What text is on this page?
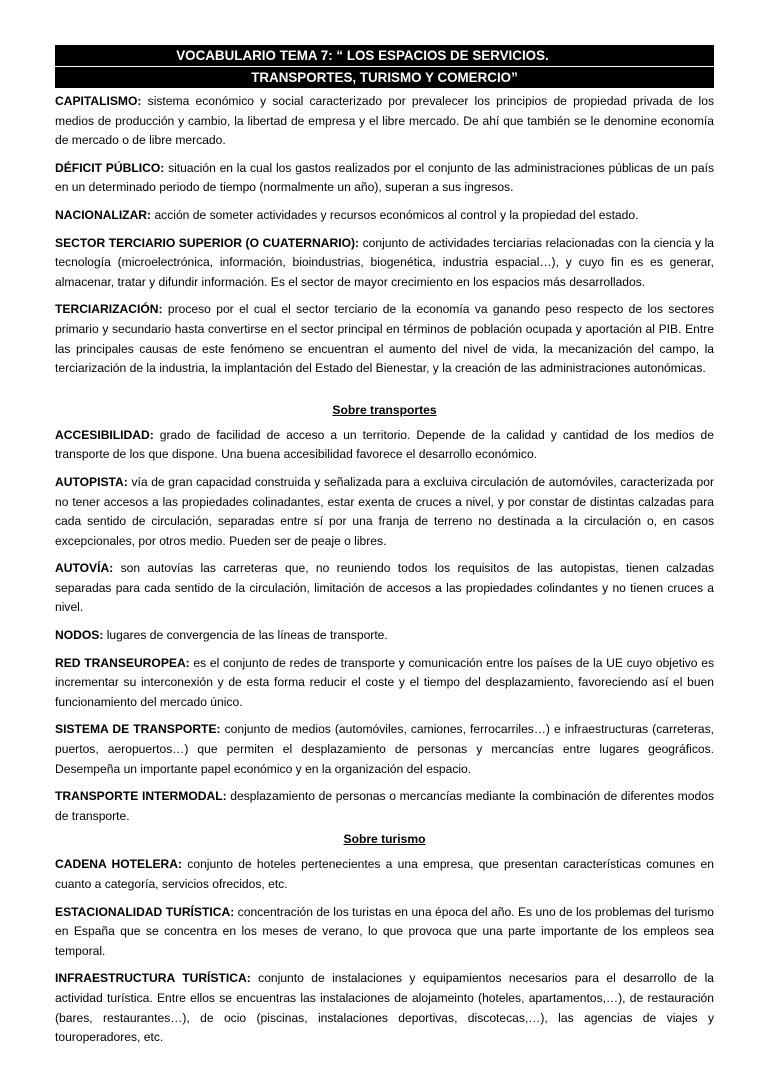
VOCABULARIO TEMA 7: “ LOS ESPACIOS DE SERVICIOS.
TRANSPORTES, TURISMO Y COMERCIO”

CAPITALISMO: sistema económico y social caracterizado por prevalecer los principios de propiedad privada de los medios de producción y cambio, la libertad de empresa y el libre mercado. De ahí que también se le denomine economía de mercado o de libre mercado.

DÉFICIT PÚBLICO: situación en la cual los gastos realizados por el conjunto de las administraciones públicas de un país en un determinado periodo de tiempo (normalmente un año), superan a sus ingresos.

NACIONALIZAR: acción de someter actividades y recursos económicos al control y la propiedad del estado.

SECTOR TERCIARIO SUPERIOR (O CUATERNARIO): conjunto de actividades terciarias relacionadas con la ciencia y la tecnología (microelectrónica, información, bioindustrias, biogenética, industria espacial…), y cuyo fin es es generar, almacenar, tratar y difundir información. Es el sector de mayor crecimiento en los espacios más desarrollados.

TERCIARIZACIÓN: proceso por el cual el sector terciario de la economía va ganando peso respecto de los sectores primario y secundario hasta convertirse en el sector principal en términos de población ocupada y aportación al PIB. Entre las principales causas de este fenómeno se encuentran el aumento del nivel de vida, la mecanización del campo, la terciarización de la industria, la implantación del Estado del Bienestar, y la creación de las administraciones autonómicas.

Sobre transportes

ACCESIBILIDAD: grado de facilidad de acceso a un territorio. Depende de la calidad y cantidad de los medios de transporte de los que dispone. Una buena accesibilidad favorece el desarrollo económico.

AUTOPISTA: vía de gran capacidad construida y señalizada para a excluiva circulación de automóviles, caracterizada por no tener accesos a las propiedades colinadantes, estar exenta de cruces a nivel, y por constar de distintas calzadas para cada sentido de circulación, separadas entre sí por una franja de terreno no destinada a la circulación o, en casos excepcionales, por otros medio. Pueden ser de peaje o libres.

AUTOVÍA: son autovías las carreteras que, no reuniendo todos los requisitos de las autopistas, tienen calzadas separadas para cada sentido de la circulación, limitación de accesos a las propiedades colindantes y no tienen cruces a nivel.

NODOS: lugares de convergencia de las líneas de transporte.

RED TRANSEUROPEA: es el conjunto de redes de transporte y comunicación entre los países de la UE cuyo objetivo es incrementar su interconexión y de esta forma reducir el coste y el tiempo del desplazamiento, favoreciendo así el buen funcionamiento del mercado único.

SISTEMA DE TRANSPORTE: conjunto de medios (automóviles, camiones, ferrocarriles…) e infraestructuras (carreteras, puertos, aeropuertos…) que permiten el desplazamiento de personas y mercancías entre lugares geográficos. Desempeña un importante papel económico y en la organización del espacio.

TRANSPORTE INTERMODAL: desplazamiento de personas o mercancías mediante la combinación de diferentes modos de transporte.

Sobre turismo

CADENA HOTELERA: conjunto de hoteles pertenecientes a una empresa, que presentan características comunes en cuanto a categoría, servicios ofrecidos, etc.

ESTACIONALIDAD TURÍSTICA: concentración de los turistas en una época del año. Es uno de los problemas del turismo en España que se concentra en los meses de verano, lo que provoca que una parte importante de los empleos sea temporal.

INFRAESTRUCTURA TURÍSTICA: conjunto de instalaciones y equipamientos necesarios para el desarrollo de la actividad turística. Entre ellos se encuentras las instalaciones de alojameinto (hoteles, apartamentos,…), de restauración (bares, restaurantes…), de ocio (piscinas, instalaciones deportivas, discotecas,…), las agencias de viajes y touroperadores, etc.
